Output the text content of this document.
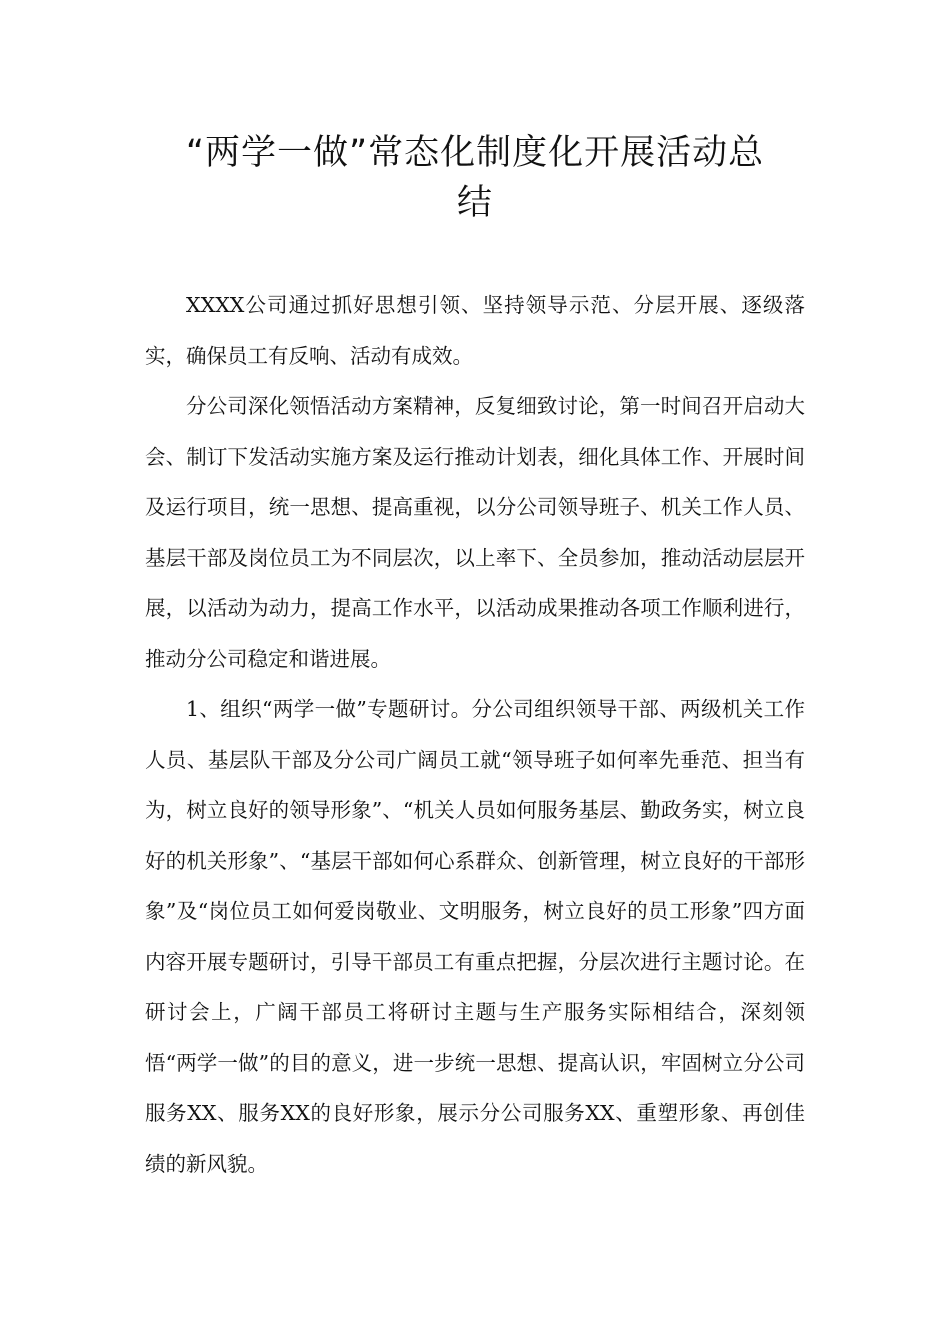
“两学一做”常态化制度化开展活动总
结

XXXX公司通过抓好思想引领、坚持领导示范、分层开展、逐级落实，确保员工有反响、活动有成效。

分公司深化领悟活动方案精神，反复细致讨论，第一时间召开启动大会、制订下发活动实施方案及运行推动计划表，细化具体工作、开展时间及运行项目，统一思想、提高重视，以分公司领导班子、机关工作人员、基层干部及岗位员工为不同层次，以上率下、全员参加，推动活动层层开展，以活动为动力，提高工作水平，以活动成果推动各项工作顺利进行，推动分公司稳定和谐进展。

1、组织“两学一做”专题研讨。分公司组织领导干部、两级机关工作人员、基层队干部及分公司广阔员工就“领导班子如何率先垂范、担当有为，树立良好的领导形象”、“机关人员如何服务基层、勤政务实，树立良好的机关形象”、“基层干部如何心系群众、创新管理，树立良好的干部形象”及“岗位员工如何爱岗敬业、文明服务，树立良好的员工形象”四方面内容开展专题研讨，引导干部员工有重点把握，分层次进行主题讨论。在研讨会上，广阔干部员工将研讨主题与生产服务实际相结合，深刻领悟“两学一做”的目的意义，进一步统一思想、提高认识，牢固树立分公司服务XX、服务XX的良好形象，展示分公司服务XX、重塑形象、再创佳绩的新风貌。
